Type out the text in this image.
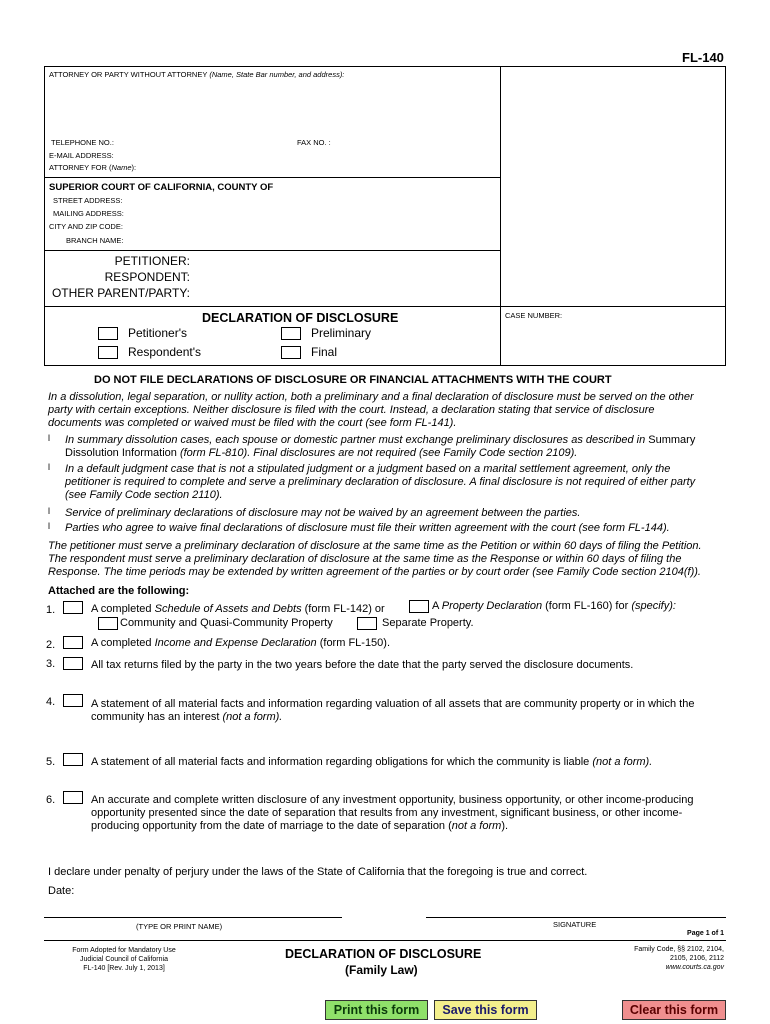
FL-140
ATTORNEY OR PARTY WITHOUT ATTORNEY (Name, State Bar number, and address):
TELEPHONE NO.:	FAX NO. :
E-MAIL ADDRESS:
ATTORNEY FOR (Name):
SUPERIOR COURT OF CALIFORNIA, COUNTY OF
STREET ADDRESS:
MAILING ADDRESS:
CITY AND ZIP CODE:
BRANCH NAME:
PETITIONER:
RESPONDENT:
OTHER PARENT/PARTY:
CASE NUMBER:
DECLARATION OF DISCLOSURE
Petitioner's	Preliminary
Respondent's	Final
DO NOT FILE DECLARATIONS OF DISCLOSURE OR FINANCIAL ATTACHMENTS WITH THE COURT
In a dissolution, legal separation, or nullity action, both a preliminary and a final declaration of disclosure must be served on the other
party with certain exceptions. Neither disclosure is filed with the court. Instead, a declaration stating that service of disclosure
documents was completed or waived must be filed with the court (see form FL-141).
l In summary dissolution cases, each spouse or domestic partner must exchange preliminary disclosures as described in Summary
Dissolution Information (form FL-810). Final disclosures are not required (see Family Code section 2109).
l In a default judgment case that is not a stipulated judgment or a judgment based on a marital settlement agreement, only the
petitioner is required to complete and serve a preliminary declaration of disclosure. A final disclosure is not required of either party
(see Family Code section 2110).
l Service of preliminary declarations of disclosure may not be waived by an agreement between the parties.
l Parties who agree to waive final declarations of disclosure must file their written agreement with the court (see form FL-144).
The petitioner must serve a preliminary declaration of disclosure at the same time as the Petition or within 60 days of filing the Petition.
The respondent must serve a preliminary declaration of disclosure at the same time as the Response or within 60 days of filing the
Response. The time periods may be extended by written agreement of the parties or by court order (see Family Code section 2104(f)).
Attached are the following:
1.	A completed Schedule of Assets and Debts (form FL-142) or
Community and Quasi-Community Property
A Property Declaration (form FL-160) for (specify):
Separate Property.
2.	A completed Income and Expense Declaration (form FL-150).
3.	All tax returns filed by the party in the two years before the date that the party served the disclosure documents.
4.	A statement of all material facts and information regarding valuation of all assets that are community property or in which the
community has an interest (not a form).
5.	A statement of all material facts and information regarding obligations for which the community is liable (not a form).
6.	An accurate and complete written disclosure of any investment opportunity, business opportunity, or other income-producing
opportunity presented since the date of separation that results from any investment, significant business, or other income-
producing opportunity from the date of marriage to the date of separation (not a form).
I declare under penalty of perjury under the laws of the State of California that the foregoing is true and correct.
Date:
(TYPE OR PRINT NAME)	SIGNATURE
Page 1 of 1
Form Adopted for Mandatory Use
Judicial Council of California
FL-140 [Rev. July 1, 2013]
DECLARATION OF DISCLOSURE
(Family Law)
Family Code, §§ 2102, 2104,
2105, 2106, 2112
www.courts.ca.gov
Print this form	Save this form	Clear this form
